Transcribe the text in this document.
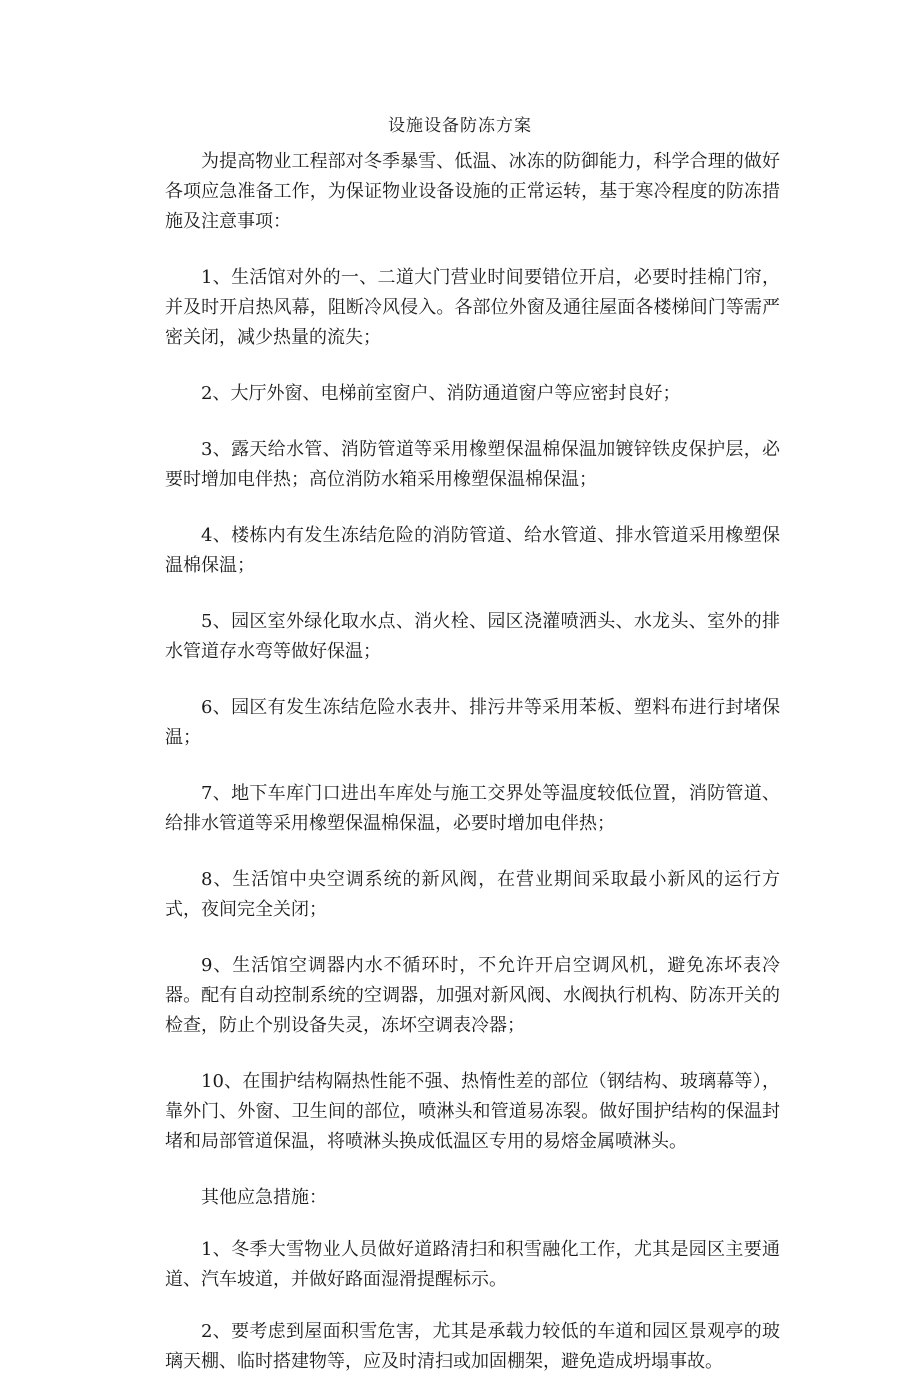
设施设备防冻方案

为提高物业工程部对冬季暴雪、低温、冰冻的防御能力，科学合理的做好各项应急准备工作，为保证物业设备设施的正常运转，基于寒冷程度的防冻措施及注意事项：

1、生活馆对外的一、二道大门营业时间要错位开启，必要时挂棉门帘，并及时开启热风幕，阻断冷风侵入。各部位外窗及通往屋面各楼梯间门等需严密关闭，减少热量的流失；

2、大厅外窗、电梯前室窗户、消防通道窗户等应密封良好；

3、露天给水管、消防管道等采用橡塑保温棉保温加镀锌铁皮保护层，必要时增加电伴热；高位消防水箱采用橡塑保温棉保温；

4、楼栋内有发生冻结危险的消防管道、给水管道、排水管道采用橡塑保温棉保温；

5、园区室外绿化取水点、消火栓、园区浇灌喷洒头、水龙头、室外的排水管道存水弯等做好保温；

6、园区有发生冻结危险水表井、排污井等采用苯板、塑料布进行封堵保温；

7、地下车库门口进出车库处与施工交界处等温度较低位置，消防管道、给排水管道等采用橡塑保温棉保温，必要时增加电伴热；

8、生活馆中央空调系统的新风阀，在营业期间采取最小新风的运行方式，夜间完全关闭；

9、生活馆空调器内水不循环时，不允许开启空调风机，避免冻坏表冷器。配有自动控制系统的空调器，加强对新风阀、水阀执行机构、防冻开关的检查，防止个别设备失灵，冻坏空调表冷器；

10、在围护结构隔热性能不强、热惰性差的部位（钢结构、玻璃幕等），靠外门、外窗、卫生间的部位，喷淋头和管道易冻裂。做好围护结构的保温封堵和局部管道保温，将喷淋头换成低温区专用的易熔金属喷淋头。

其他应急措施：

1、冬季大雪物业人员做好道路清扫和积雪融化工作，尤其是园区主要通道、汽车坡道，并做好路面湿滑提醒标示。

2、要考虑到屋面积雪危害，尤其是承载力较低的车道和园区景观亭的玻璃天棚、临时搭建物等，应及时清扫或加固棚架，避免造成坍塌事故。
